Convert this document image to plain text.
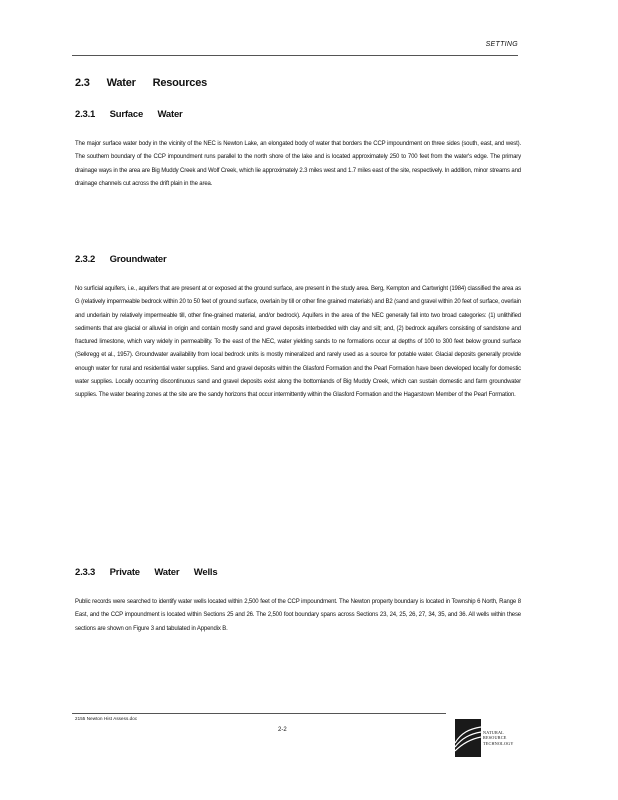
SETTING
2.3 Water Resources
2.3.1 Surface Water
The major surface water body in the vicinity of the NEC is Newton Lake, an elongated body of water that borders the CCP impoundment on three sides (south, east, and west). The southern boundary of the CCP impoundment runs parallel to the north shore of the lake and is located approximately 250 to 700 feet from the water's edge. The primary drainage ways in the area are Big Muddy Creek and Wolf Creek, which lie approximately 2.3 miles west and 1.7 miles east of the site, respectively. In addition, minor streams and drainage channels cut across the drift plain in the area.
2.3.2 Groundwater
No surficial aquifers, i.e., aquifers that are present at or exposed at the ground surface, are present in the study area. Berg, Kempton and Cartwright (1984) classified the area as G (relatively impermeable bedrock within 20 to 50 feet of ground surface, overlain by till or other fine grained materials) and B2 (sand and gravel within 20 feet of surface, overlain and underlain by relatively impermeable till, other fine-grained material, and/or bedrock). Aquifers in the area of the NEC generally fall into two broad categories: (1) unlithified sediments that are glacial or alluvial in origin and contain mostly sand and gravel deposits interbedded with clay and silt; and, (2) bedrock aquifers consisting of sandstone and fractured limestone, which vary widely in permeability. To the east of the NEC, water yielding sands to ne formations occur at depths of 100 to 300 feet below ground surface (Selkregg et al., 1957). Groundwater availability from local bedrock units is mostly mineralized and rarely used as a source for potable water. Glacial deposits generally provide enough water for rural and residential water supplies. Sand and gravel deposits within the Glasford Formation and the Pearl Formation have been developed locally for domestic water supplies. Locally occurring discontinuous sand and gravel deposits exist along the bottomlands of Big Muddy Creek, which can sustain domestic and farm groundwater supplies. The water bearing zones at the site are the sandy horizons that occur intermittently within the Glasford Formation and the Hagarstown Member of the Pearl Formation.
2.3.3 Private Water Wells
Public records were searched to identify water wells located within 2,500 feet of the CCP impoundment. The Newton property boundary is located in Township 6 North, Range 8 East, and the CCP impoundment is located within Sections 25 and 26. The 2,500 foot boundary spans across Sections 23, 24, 25, 26, 27, 34, 35, and 36. All wells within these sections are shown on Figure 3 and tabulated in Appendix B.
2155 Newton Hist Assess.doc
2-2	NATURAL
RESOURCE
TECHNOLOGY
